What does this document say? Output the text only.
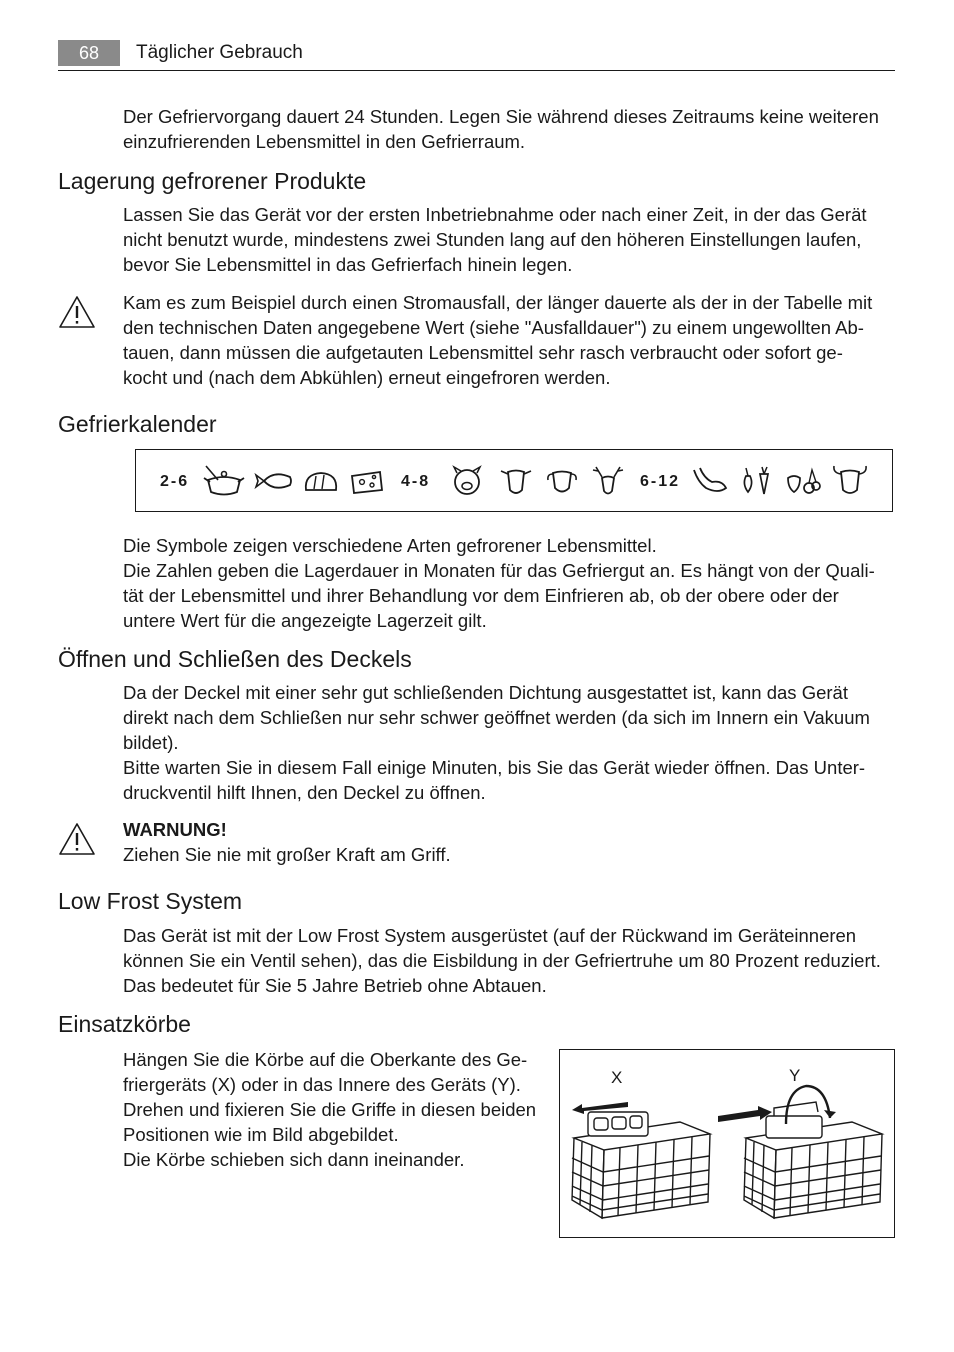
68	Täglicher Gebrauch

Der Gefriervorgang dauert 24 Stunden. Legen Sie während dieses Zeitraums keine weiteren
einzufrierenden Lebensmittel in den Gefrierraum.

Lagerung gefrorener Produkte

Lassen Sie das Gerät vor der ersten Inbetriebnahme oder nach einer Zeit, in der das Gerät
nicht benutzt wurde, mindestens zwei Stunden lang auf den höheren Einstellungen laufen,
bevor Sie Lebensmittel in das Gefrierfach hinein legen.

Kam es zum Beispiel durch einen Stromausfall, der länger dauerte als der in der Tabelle mit
den technischen Daten angegebene Wert (siehe "Ausfalldauer") zu einem ungewollten Ab-
tauen, dann müssen die aufgetauten Lebensmittel sehr rasch verbraucht oder sofort ge-
kocht und (nach dem Abkühlen) erneut eingefroren werden.

Gefrierkalender
2-6	4-8	6-12

Die Symbole zeigen verschiedene Arten gefrorener Lebensmittel.
Die Zahlen geben die Lagerdauer in Monaten für das Gefriergut an. Es hängt von der Quali-
tät der Lebensmittel und ihrer Behandlung vor dem Einfrieren ab, ob der obere oder der
untere Wert für die angezeigte Lagerzeit gilt.

Öffnen und Schließen des Deckels

Da der Deckel mit einer sehr gut schließenden Dichtung ausgestattet ist, kann das Gerät
direkt nach dem Schließen nur sehr schwer geöffnet werden (da sich im Innern ein Vakuum
bildet).
Bitte warten Sie in diesem Fall einige Minuten, bis Sie das Gerät wieder öffnen. Das Unter-
druckventil hilft Ihnen, den Deckel zu öffnen.

WARNUNG!
Ziehen Sie nie mit großer Kraft am Griff.

Low Frost System

Das Gerät ist mit der Low Frost System ausgerüstet (auf der Rückwand im Geräteinneren
können Sie ein Ventil sehen), das die Eisbildung in der Gefriertruhe um 80 Prozent reduziert.
Das bedeutet für Sie 5 Jahre Betrieb ohne Abtauen.

Einsatzkörbe

Hängen Sie die Körbe auf die Oberkante des Ge-
friergeräts (X) oder in das Innere des Geräts (Y).
Drehen und fixieren Sie die Griffe in diesen beiden
Positionen wie im Bild abgebildet.
Die Körbe schieben sich dann ineinander.

X	Y
